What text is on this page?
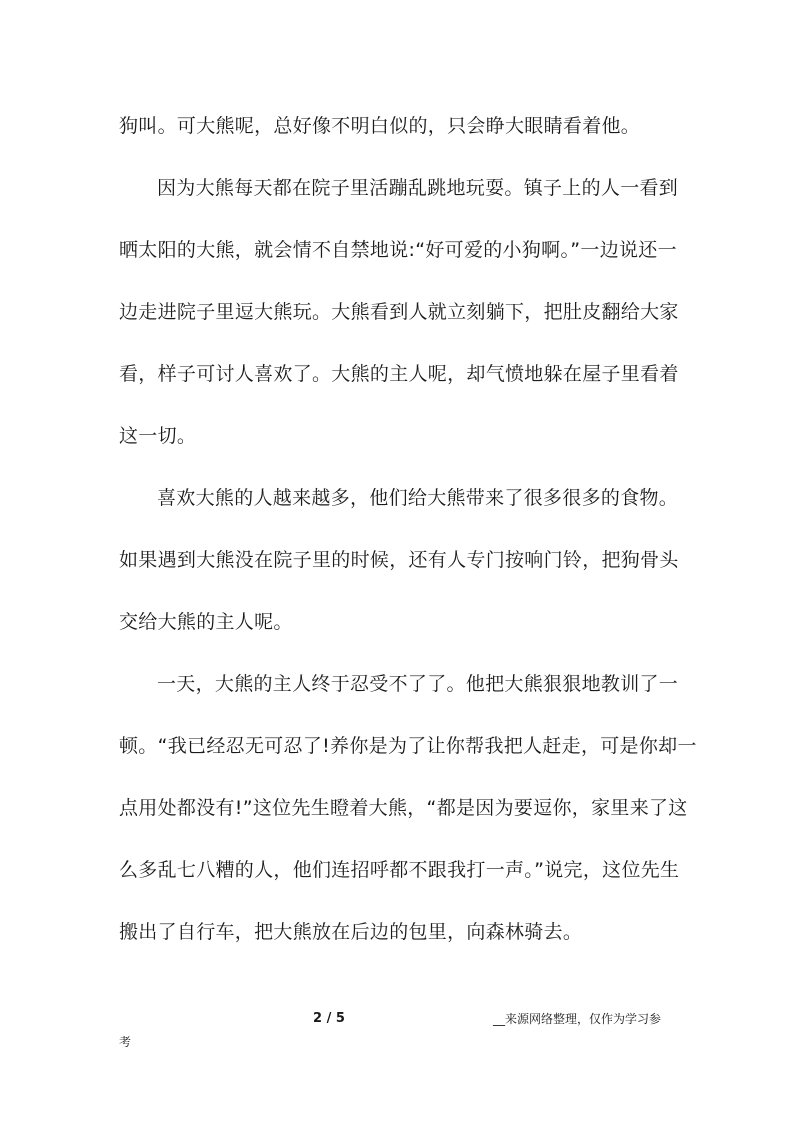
狗叫。可大熊呢，总好像不明白似的，只会睁大眼睛看着他。
因为大熊每天都在院子里活蹦乱跳地玩耍。镇子上的人一看到
晒太阳的大熊，就会情不自禁地说:“好可爱的小狗啊。”一边说还一
边走进院子里逗大熊玩。大熊看到人就立刻躺下，把肚皮翻给大家
看，样子可讨人喜欢了。大熊的主人呢，却气愤地躲在屋子里看着
这一切。
喜欢大熊的人越来越多，他们给大熊带来了很多很多的食物。
如果遇到大熊没在院子里的时候，还有人专门按响门铃，把狗骨头
交给大熊的主人呢。
一天，大熊的主人终于忍受不了了。他把大熊狠狠地教训了一
顿。“我已经忍无可忍了!养你是为了让你帮我把人赶走，可是你却一
点用处都没有!”这位先生瞪着大熊，“都是因为要逗你，家里来了这
么多乱七八糟的人，他们连招呼都不跟我打一声。”说完，这位先生
搬出了自行车，把大熊放在后边的包里，向森林骑去。
2 / 5	__来源网络整理，仅作为学习参
考
